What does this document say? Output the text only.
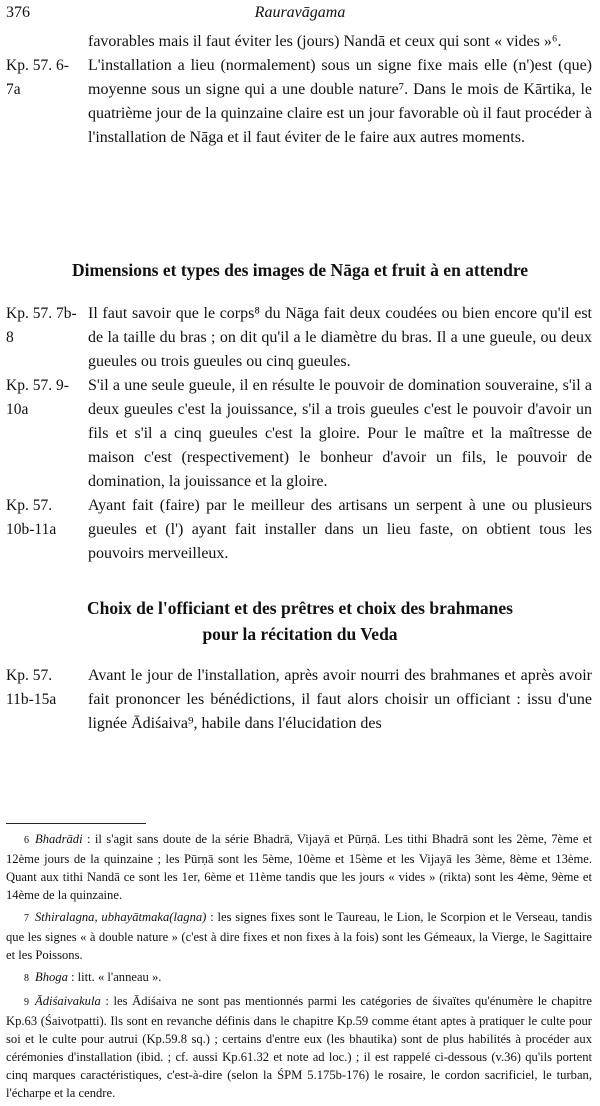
376	Rauravāgama

favorables mais il faut éviter les (jours) Nandā et ceux qui sont « vides »⁶.

Kp. 57. 6-7a

L'installation a lieu (normalement) sous un signe fixe mais elle (n')est (que) moyenne sous un signe qui a une double nature⁷. Dans le mois de Kārtika, le quatrième jour de la quinzaine claire est un jour favorable où il faut procéder à l'installation de Nāga et il faut éviter de le faire aux autres moments.

Dimensions et types des images de Nāga et fruit à en attendre
Kp. 57. 7b-8

Il faut savoir que le corps⁸ du Nāga fait deux coudées ou bien encore qu'il est de la taille du bras ; on dit qu'il a le diamètre du bras. Il a une gueule, ou deux gueules ou trois gueules ou cinq gueules.

Kp. 57. 9-10a

S'il a une seule gueule, il en résulte le pouvoir de domination souveraine, s'il a deux gueules c'est la jouissance, s'il a trois gueules c'est le pouvoir d'avoir un fils et s'il a cinq gueules c'est la gloire. Pour le maître et la maîtresse de maison c'est (respectivement) le bonheur d'avoir un fils, le pouvoir de domination, la jouissance et la gloire.

Kp. 57. 10b-11a

Ayant fait (faire) par le meilleur des artisans un serpent à une ou plusieurs gueules et (l') ayant fait installer dans un lieu faste, on obtient tous les pouvoirs merveilleux.

Choix de l'officiant et des prêtres et choix des brahmanes
pour la récitation du Veda
Kp. 57. 11b-15a

Avant le jour de l'installation, après avoir nourri des brahmanes et après avoir fait prononcer les bénédictions, il faut alors choisir un officiant : issu d'une lignée Ādiśaiva⁹, habile dans l'élucidation des

6 Bhadrādi : il s'agit sans doute de la série Bhadrā, Vijayā et Pūrṇā. Les tithi Bhadrā sont les 2ème, 7ème et 12ème jours de la quinzaine ; les Pūrṇā sont les 5ème, 10ème et 15ème et les Vijayā les 3ème, 8ème et 13ème. Quant aux tithi Nandā ce sont les 1er, 6ème et 11ème tandis que les jours « vides » (rikta) sont les 4ème, 9ème et 14ème de la quinzaine.

7 Sthiralagna, ubhayātmaka(lagna) : les signes fixes sont le Taureau, le Lion, le Scorpion et le Verseau, tandis que les signes « à double nature » (c'est à dire fixes et non fixes à la fois) sont les Gémeaux, la Vierge, le Sagittaire et les Poissons.

8 Bhoga : litt. « l'anneau ».

9 Ādiśaivakula : les Ādiśaiva ne sont pas mentionnés parmi les catégories de śivaïtes qu'énumère le chapitre Kp.63 (Śaivotpatti). Ils sont en revanche définis dans le chapitre Kp.59 comme étant aptes à pratiquer le culte pour soi et le culte pour autrui (Kp.59.8 sq.) ; certains d'entre eux (les bhautika) sont de plus habilités à procéder aux cérémonies d'installation (ibid. ; cf. aussi Kp.61.32 et note ad loc.) ; il est rappelé ci-dessous (v.36) qu'ils portent cinq marques caractéristiques, c'est-à-dire (selon la ŚPM 5.175b-176) le rosaire, le cordon sacrificiel, le turban, l'écharpe et la cendre.
